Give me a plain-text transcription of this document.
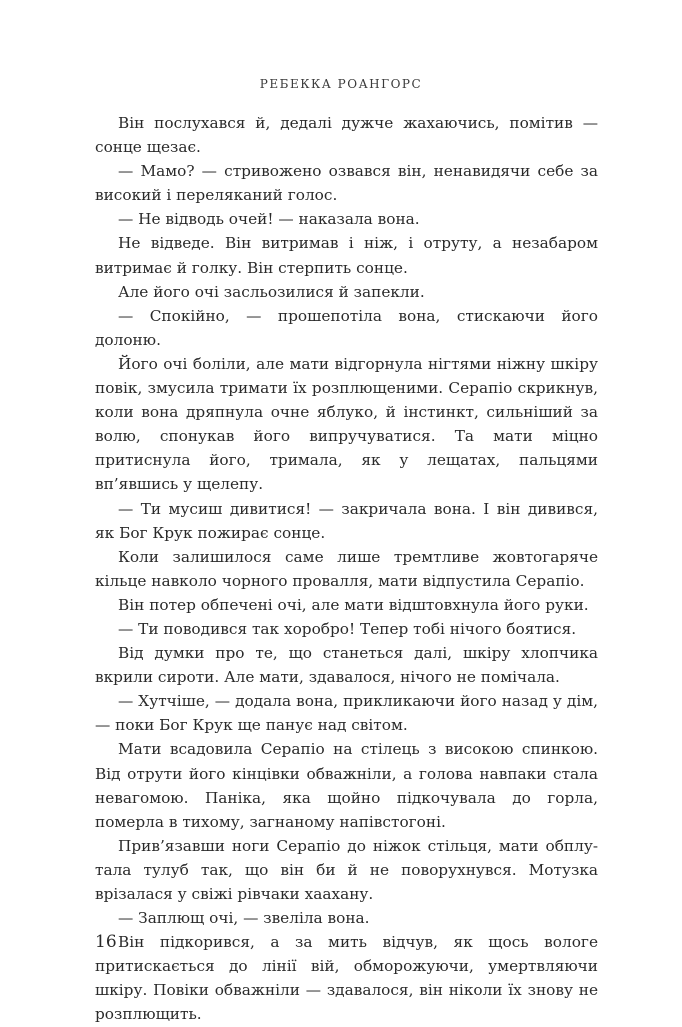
РЕБЕККА РОАНГОРС

Він послухався й, дедалі дужче жахаючись, помітив — сонце щезає.

— Мамо? — стривожено озвався він, ненавидячи себе за високий і переляканий голос.

— Не відводь очей! — наказала вона.

Не відведе. Він витримав і ніж, і отруту, а незабаром витримає й голку. Він стерпить сонце.

Але його очі засльозилися й запекли.

— Спокійно, — прошепотіла вона, стискаючи його долоню.

Його очі боліли, але мати відгорнула нігтями ніжну шкіру повік, змусила тримати їх розплющеними. Серапіо скрикнув, коли вона дряпнула очне яблуко, й інстинкт, сильніший за волю, спонукав його випручуватися. Та мати міцно притиснула його, тримала, як у лещатах, пальцями вп’явшись у щелепу.

— Ти мусиш дивитися! — закричала вона. І він дивився, як Бог Крук пожирає сонце.

Коли залишилося саме лише тремтливе жовтогаряче кільце навколо чорного провалля, мати відпустила Серапіо.

Він потер обпечені очі, але мати відштовхнула його руки.

— Ти поводився так хоробро! Тепер тобі нічого боятися.

Від думки про те, що станеться далі, шкіру хлопчика вкрили сироти. Але мати, здавалося, нічого не помічала.

— Хутчіше, — додала вона, прикликаючи його назад у дім, — поки Бог Крук ще панує над світом.

Мати всадовила Серапіо на стілець з високою спинкою. Від отрути його кінцівки обважніли, а голова навпаки стала невагомою. Паніка, яка щойно підкочувала до горла, померла в тихому, загнаному напівстогоні.

Прив’язавши ноги Серапіо до ніжок стільця, мати обплутала тулуб так, що він би й не поворухнувся. Мотузка врізалася у свіжі рівчаки хаахану.

— Заплющ очі, — звеліла вона.

Він підкорився, а за мить відчув, як щось вологе притискається до лінії вій, обморожуючи, умертвляючи шкіру. Повіки обважніли — здавалося, він ніколи їх знову не розплющить.

16
